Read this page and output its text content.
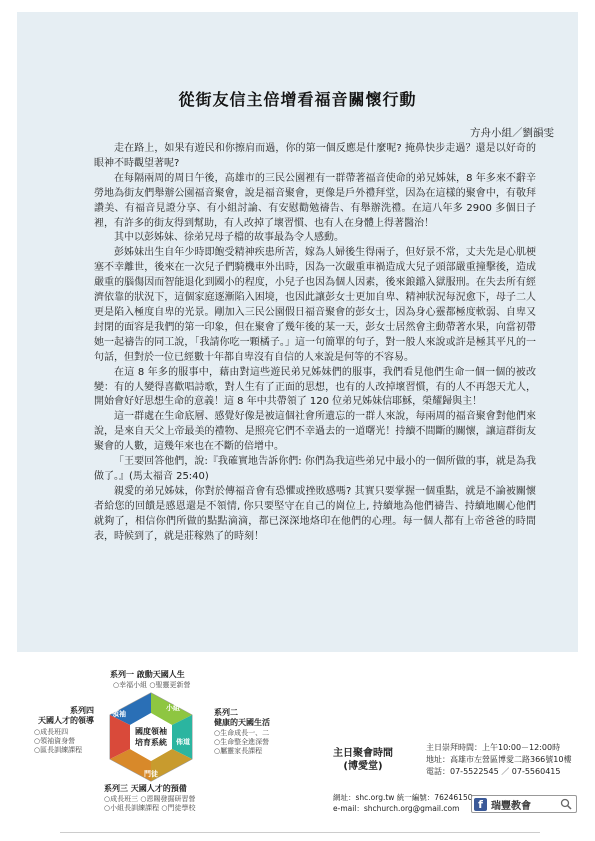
從街友信主倍增看福音關懷行動
方舟小組／劉韻雯

走在路上，如果有遊民和你擦肩而過，你的第一個反應是什麼呢? 掩鼻快步走過？還是以好奇的眼神不時觀望著呢?

在每隔兩周的周日午後，高雄市的三民公園裡有一群帶著福音使命的弟兄姊妹，8 年多來不辭辛勞地為街友們舉辦公園福音聚會，說是福音聚會，更像是戶外禮拜堂，因為在這樣的聚會中，有敬拜讚美、有福音見證分享、有小組討論、有安慰勸勉禱告、有舉辦洗禮。在這八年多 2900 多個日子裡，有許多的街友得到幫助，有人改掉了壞習慣、也有人在身體上得著醫治！

其中以彭姊妹、徐弟兄母子檔的故事最為令人感動。

彭姊妹出生自年少時即飽受精神疾患所苦，嫁為人婦後生得兩子，但好景不常，丈夫先是心肌梗塞不幸離世，後來在一次兒子們騎機車外出時，因為一次嚴重車禍造成大兒子頭部嚴重撞擊後，造成嚴重的腦傷因而智能退化到國小的程度，小兒子也因為個人因素，後來鋃鐺入獄服刑。在失去所有經濟依靠的狀況下，這個家庭逐漸陷入困境，也因此讓彭女士更加自卑、精神狀況每況愈下，母子二人更是陷入極度自卑的光景。剛加入三民公園假日福音聚會的彭女士，因為身心靈都極度軟弱、自卑又封閉的面容是我們的第一印象，但在聚會了幾年後的某一天，彭女士居然會主動帶著水果，向當初帶她一起禱告的同工說，「我請你吃一顆橘子。」這一句簡單的句子，對一般人來說或許是極其平凡的一句話，但對於一位已經數十年都自卑沒有自信的人來說是何等的不容易。

在這 8 年多的服事中，藉由對這些遊民弟兄姊妹們的服事，我們看見他們生命一個一個的被改變：有的人變得喜歡唱詩歌，對人生有了正面的思想，也有的人改掉壞習慣，有的人不再怨天尤人，開始會好好思想生命的意義！這 8 年中共帶領了 120 位弟兄姊妹信耶穌，榮耀歸與主！

這一群處在生命底層、感覺好像是被這個社會所遺忘的一群人來說，每兩周的福音聚會對他們來說，是來自天父上帝最美的禮物、是照亮它們不幸過去的一道曙光！持續不間斷的關懷，讓這群街友聚會的人數，這幾年來也在不斷的倍增中。

「王要回答他們，說:『我確實地告訴你們: 你們為我這些弟兄中最小的一個所做的事，就是為我做了。』(馬太福音 25:40)

親愛的弟兄姊妹，你對於傳福音會有恐懼或挫敗感嗎? 其實只要掌握一個重點，就是不論被關懷者給您的回饋是感恩還是不領情, 你只要堅守在自己的崗位上, 持續地為他們禱告、持續地關心他們就夠了，相信你們所做的點點滴滴，都已深深地烙印在他們的心理。每一個人都有上帝爸爸的時間表，時候到了，就是莊稼熟了的時刻！

系列一 啟動天國人生
○幸福小組 ○聖靈更新營
系列二
健康的天國生活
○生命成長一、二
○生命整全進深營
○屬靈家長課程
系列三 天國人才的預備
○成長班三 ○恩賜發掘研習營
○小組長訓練課程 ○門徒學校
系列四
天國人才的領導
○成長班四
○領袖資身營
○區長訓練課程
國度領袖
培育系統
領袖
小組
佈道
門徒
主日聚會時間
(博愛堂)
主日崇拜時間：上午10:00－12:00時
地址：高雄市左營區博愛二路366號10樓
電話：07-5522545 ／ 07-5560415
網址：shc.org.tw 統一編號：76246150
e-mail：shchurch.org@gmail.com	f 瑞豐教會
